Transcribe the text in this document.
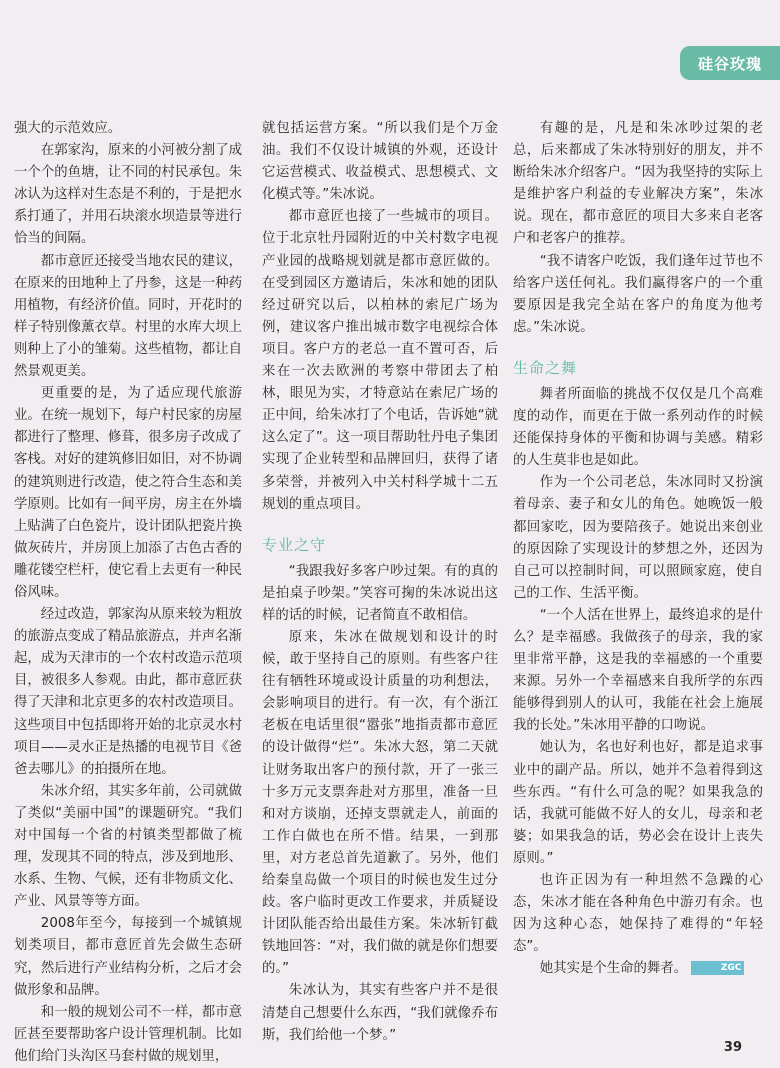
硅谷玫瑰

强大的示范效应。

在郭家沟，原来的小河被分割了成一个个的鱼塘，让不同的村民承包。朱冰认为这样对生态是不利的，于是把水系打通了，并用石块滚水坝造景等进行恰当的间隔。

都市意匠还接受当地农民的建议，在原来的田地种上了丹参，这是一种药用植物，有经济价值。同时，开花时的样子特别像薰衣草。村里的水库大坝上则种上了小的雏菊。这些植物，都让自然景观更美。

更重要的是，为了适应现代旅游业。在统一规划下，每户村民家的房屋都进行了整理、修葺，很多房子改成了客栈。对好的建筑修旧如旧，对不协调的建筑则进行改造，使之符合生态和美学原则。比如有一间平房，房主在外墙上贴满了白色瓷片，设计团队把瓷片换做灰砖片，并房顶上加添了古色古香的雕花镂空栏杆，使它看上去更有一种民俗风味。

经过改造，郭家沟从原来较为粗放的旅游点变成了精品旅游点，并声名渐起，成为天津市的一个农村改造示范项目，被很多人参观。由此，都市意匠获得了天津和北京更多的农村改造项目。这些项目中包括即将开始的北京灵水村项目——灵水正是热播的电视节目《爸爸去哪儿》的拍摄所在地。

朱冰介绍，其实多年前，公司就做了类似“美丽中国”的课题研究。“我们对中国每一个省的村镇类型都做了梳理，发现其不同的特点，涉及到地形、水系、生物、气候，还有非物质文化、产业、风景等等方面。

2008年至今，每接到一个城镇规划类项目，都市意匠首先会做生态研究，然后进行产业结构分析，之后才会做形象和品牌。

和一般的规划公司不一样，都市意匠甚至要帮助客户设计管理机制。比如他们给门头沟区马套村做的规划里，

就包括运营方案。“所以我们是个万金油。我们不仅设计城镇的外观，还设计它运营模式、收益模式、思想模式、文化模式等。”朱冰说。

都市意匠也接了一些城市的项目。位于北京牡丹园附近的中关村数字电视产业园的战略规划就是都市意匠做的。在受到园区方邀请后，朱冰和她的团队经过研究以后，以柏林的索尼广场为例，建议客户推出城市数字电视综合体项目。客户方的老总一直不置可否，后来在一次去欧洲的考察中带团去了柏林，眼见为实，才特意站在索尼广场的正中间，给朱冰打了个电话，告诉她“就这么定了”。这一项目帮助牡丹电子集团实现了企业转型和品牌回归，获得了诸多荣誉，并被列入中关村科学城十二五规划的重点项目。

专业之守

“我跟我好多客户吵过架。有的真的是拍桌子吵架。”笑容可掬的朱冰说出这样的话的时候，记者简直不敢相信。

原来，朱冰在做规划和设计的时候，敢于坚持自己的原则。有些客户往往有牺牲环境或设计质量的功利想法，会影响项目的进行。有一次，有个浙江老板在电话里很“嚣张”地指责都市意匠的设计做得“烂”。朱冰大怒，第二天就让财务取出客户的预付款，开了一张三十多万元支票奔赴对方那里，准备一旦和对方谈崩，还掉支票就走人，前面的工作白做也在所不惜。结果，一到那里，对方老总首先道歉了。另外，他们给秦皇岛做一个项目的时候也发生过分歧。客户临时更改工作要求，并质疑设计团队能否给出最佳方案。朱冰斩钉截铁地回答：“对，我们做的就是你们想要的。”

朱冰认为，其实有些客户并不是很清楚自己想要什么东西，“我们就像乔布斯，我们给他一个梦。”

有趣的是，凡是和朱冰吵过架的老总，后来都成了朱冰特别好的朋友，并不断给朱冰介绍客户。“因为我坚持的实际上是维护客户利益的专业解决方案”，朱冰说。现在，都市意匠的项目大多来自老客户和老客户的推荐。

“我不请客户吃饭，我们逢年过节也不给客户送任何礼。我们赢得客户的一个重要原因是我完全站在客户的角度为他考虑。”朱冰说。

生命之舞

舞者所面临的挑战不仅仅是几个高难度的动作，而更在于做一系列动作的时候还能保持身体的平衡和协调与美感。精彩的人生莫非也是如此。

作为一个公司老总，朱冰同时又扮演着母亲、妻子和女儿的角色。她晚饭一般都回家吃，因为要陪孩子。她说出来创业的原因除了实现设计的梦想之外，还因为自己可以控制时间，可以照顾家庭，使自己的工作、生活平衡。

“一个人活在世界上，最终追求的是什么？是幸福感。我做孩子的母亲，我的家里非常平静，这是我的幸福感的一个重要来源。另外一个幸福感来自我所学的东西能够得到别人的认可，我能在社会上施展我的长处。”朱冰用平静的口吻说。

她认为，名也好利也好，都是追求事业中的副产品。所以，她并不急着得到这些东西。“有什么可急的呢？如果我急的话，我就可能做不好人的女儿，母亲和老婆；如果我急的话，势必会在设计上丧失原则。”

也许正因为有一种坦然不急躁的心态，朱冰才能在各种角色中游刃有余。也因为这种心态，她保持了难得的“年轻态”。

她其实是个生命的舞者。	ZGC

39
